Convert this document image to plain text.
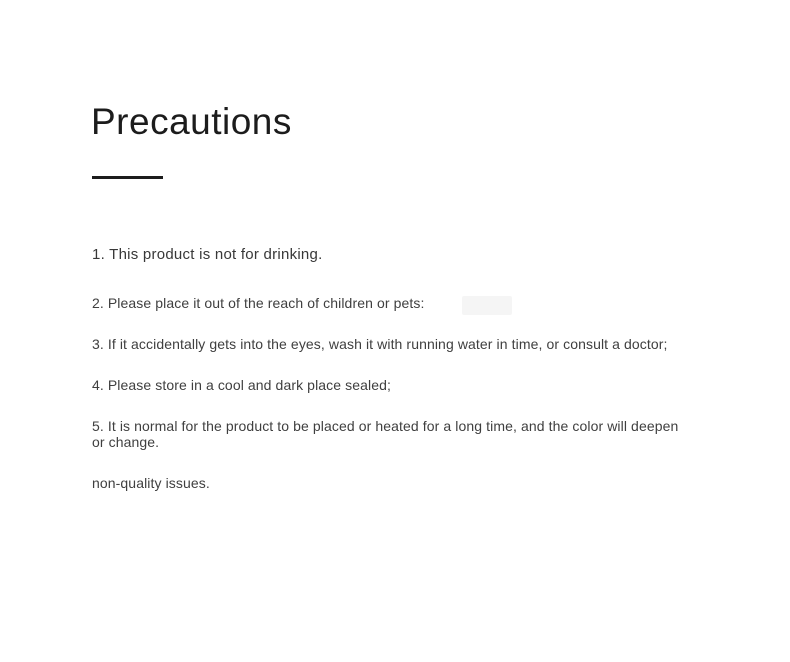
Precautions

1. This product is not for drinking.

2. Please place it out of the reach of children or pets:

3. If it accidentally gets into the eyes, wash it with running water in time, or consult a doctor;

4. Please store in a cool and dark place sealed;

5. It is normal for the product to be placed or heated for a long time, and the color will deepen or change.

non-quality issues.
